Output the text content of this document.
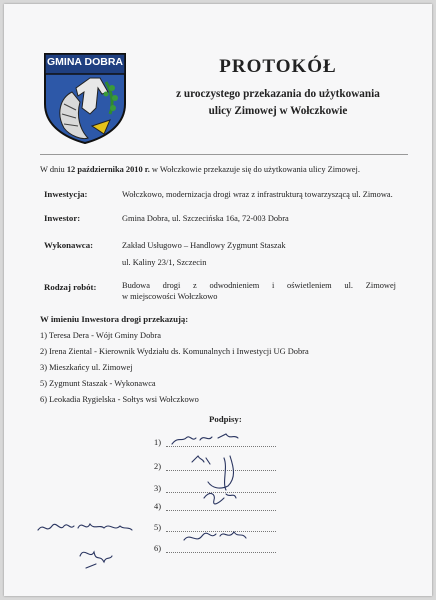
GMINA DOBRA	PROTOKÓŁ
z uroczystego przekazania do użytkowania
ulicy Zimowej w Wołczkowie
W dniu 12 października 2010 r. w Wołczkowie przekazuje się do użytkowania ulicy Zimowej.
Inwestycja:	Wołczkowo, modernizacja drogi wraz z infrastrukturą towarzyszącą ul. Zimowa.
Inwestor:	Gmina Dobra, ul. Szczecińska 16a, 72-003 Dobra
Wykonawca:	Zakład Usługowo – Handlowy Zygmunt Staszak
ul. Kaliny 23/1, Szczecin
Rodzaj robót:	Budowa drogi z odwodnieniem i oświetleniem ul. Zimowej
w miejscowości Wołczkowo
W imieniu Inwestora drogi przekazują:
1) Teresa Dera - Wójt Gminy Dobra
2) Irena Ziental - Kierownik Wydziału ds. Komunalnych i Inwestycji UG Dobra
3) Mieszkańcy ul. Zimowej
5) Zygmunt Staszak - Wykonawca
6) Leokadia Rygielska - Sołtys wsi Wołczkowo
Podpisy:
1)
2)
3)
4)
5)
6)
